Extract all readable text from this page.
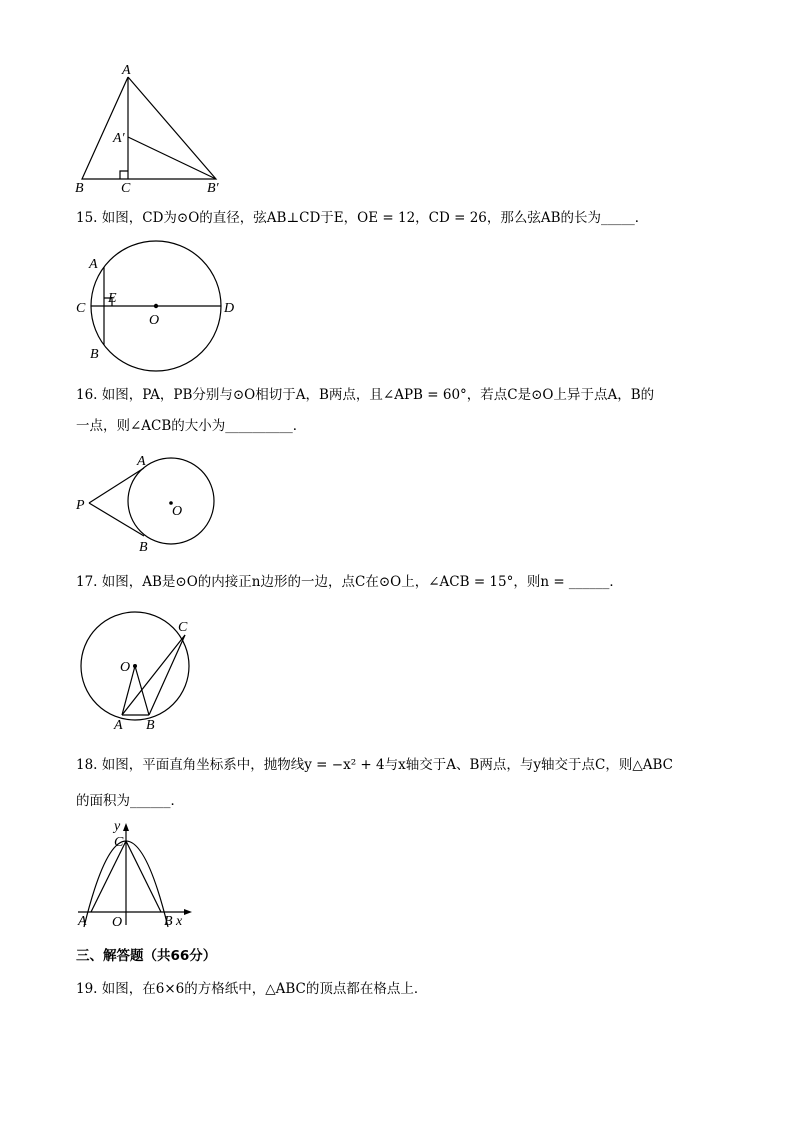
A
A′
B	C	B′
15. 如图，CD为⊙O的直径，弦AB⊥CD于E，OE = 12，CD = 26，那么弦AB的长为_____．
A
B
C	D
E
O
16. 如图，PA，PB分别与⊙O相切于A，B两点，且∠APB = 60°，若点C是⊙O上异于点A，B的
一点，则∠ACB的大小为__________．
P
A
B
O
17. 如图，AB是⊙O的内接正n边形的一边，点C在⊙O上，∠ACB = 15°，则n = ______．
O
A B
C
18. 如图，平面直角坐标系中，抛物线y = −x² + 4与x轴交于A、B两点，与y轴交于点C，则△ABC
的面积为______．
y
C
A O	B x
三、解答题（共66分）
19. 如图，在6×6的方格纸中，△ABC的顶点都在格点上．
